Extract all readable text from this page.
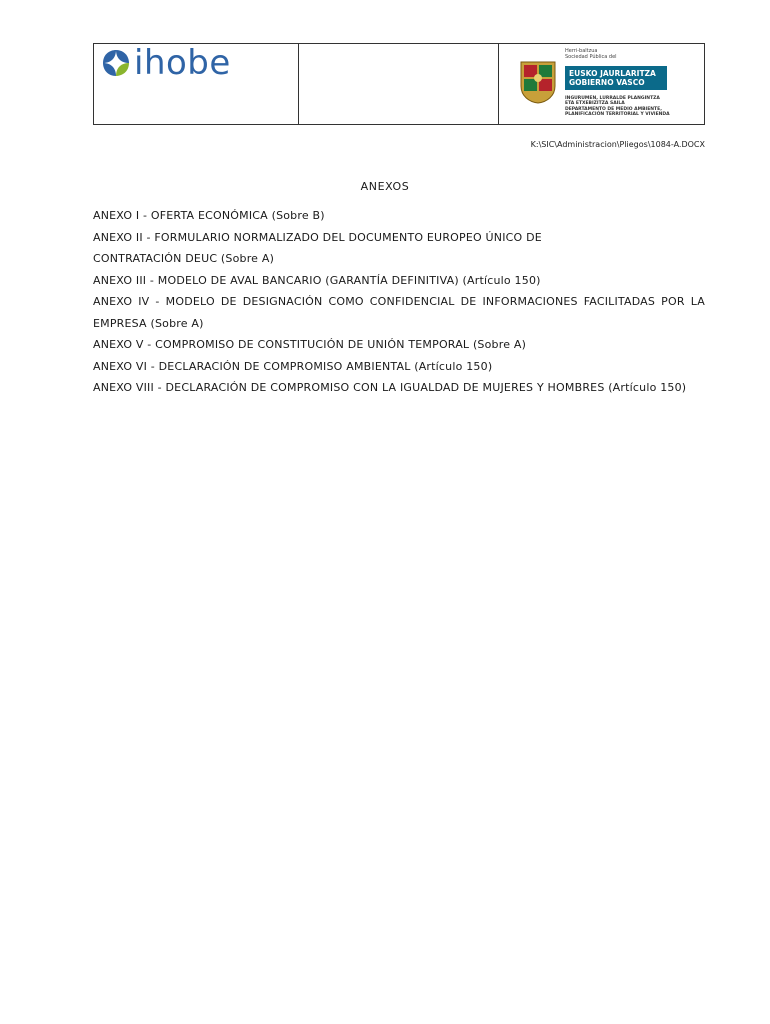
ihobe	Herri-baltzua
Sociedad Pública del
EUSKO JAURLARITZA
GOBIERNO VASCO
INGURUMEN, LURRALDE PLANGINTZA
ETA ETXEBIZITZA SAILA
DEPARTAMENTO DE MEDIO AMBIENTE,
PLANIFICACIÓN TERRITORIAL Y VIVIENDA
K:\SIC\Administracion\Pliegos\1084-A.DOCX
ANEXOS

ANEXO I - OFERTA ECONÓMICA (Sobre B)

ANEXO II - FORMULARIO NORMALIZADO DEL DOCUMENTO EUROPEO ÚNICO DE CONTRATACIÓN DEUC (Sobre A)

ANEXO III - MODELO DE AVAL BANCARIO (GARANTÍA DEFINITIVA) (Artículo 150)

ANEXO IV - MODELO DE DESIGNACIÓN COMO CONFIDENCIAL DE INFORMACIONES FACILITADAS POR LA EMPRESA (Sobre A)

ANEXO V - COMPROMISO DE CONSTITUCIÓN DE UNIÓN TEMPORAL (Sobre A)

ANEXO VI - DECLARACIÓN DE COMPROMISO AMBIENTAL (Artículo 150)

ANEXO VIII - DECLARACIÓN DE COMPROMISO CON LA IGUALDAD DE MUJERES Y HOMBRES (Artículo 150)
